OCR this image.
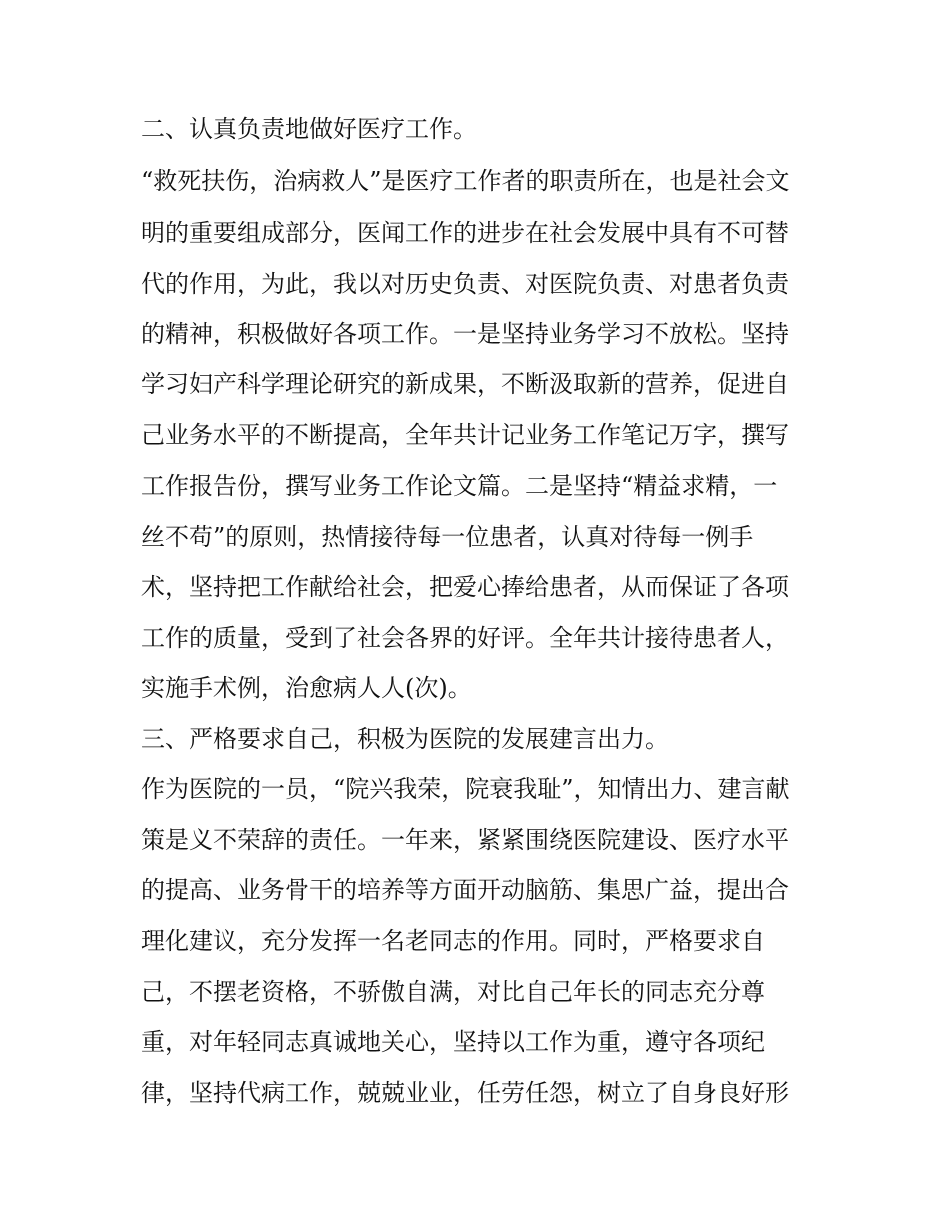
二、认真负责地做好医疗工作。
“救死扶伤，治病救人”是医疗工作者的职责所在，也是社会文
明的重要组成部分，医闻工作的进步在社会发展中具有不可替
代的作用，为此，我以对历史负责、对医院负责、对患者负责
的精神，积极做好各项工作。一是坚持业务学习不放松。坚持
学习妇产科学理论研究的新成果，不断汲取新的营养，促进自
己业务水平的不断提高，全年共计记业务工作笔记万字，撰写
工作报告份，撰写业务工作论文篇。二是坚持“精益求精，一
丝不苟”的原则，热情接待每一位患者，认真对待每一例手
术，坚持把工作献给社会，把爱心捧给患者，从而保证了各项
工作的质量，受到了社会各界的好评。全年共计接待患者人，
实施手术例，治愈病人人(次)。
三、严格要求自己，积极为医院的发展建言出力。
作为医院的一员，“院兴我荣，院衰我耻”，知情出力、建言献
策是义不荣辞的责任。一年来，紧紧围绕医院建设、医疗水平
的提高、业务骨干的培养等方面开动脑筋、集思广益，提出合
理化建议，充分发挥一名老同志的作用。同时，严格要求自
己，不摆老资格，不骄傲自满，对比自己年长的同志充分尊
重，对年轻同志真诚地关心，坚持以工作为重，遵守各项纪
律，坚持代病工作，兢兢业业，任劳任怨，树立了自身良好形
